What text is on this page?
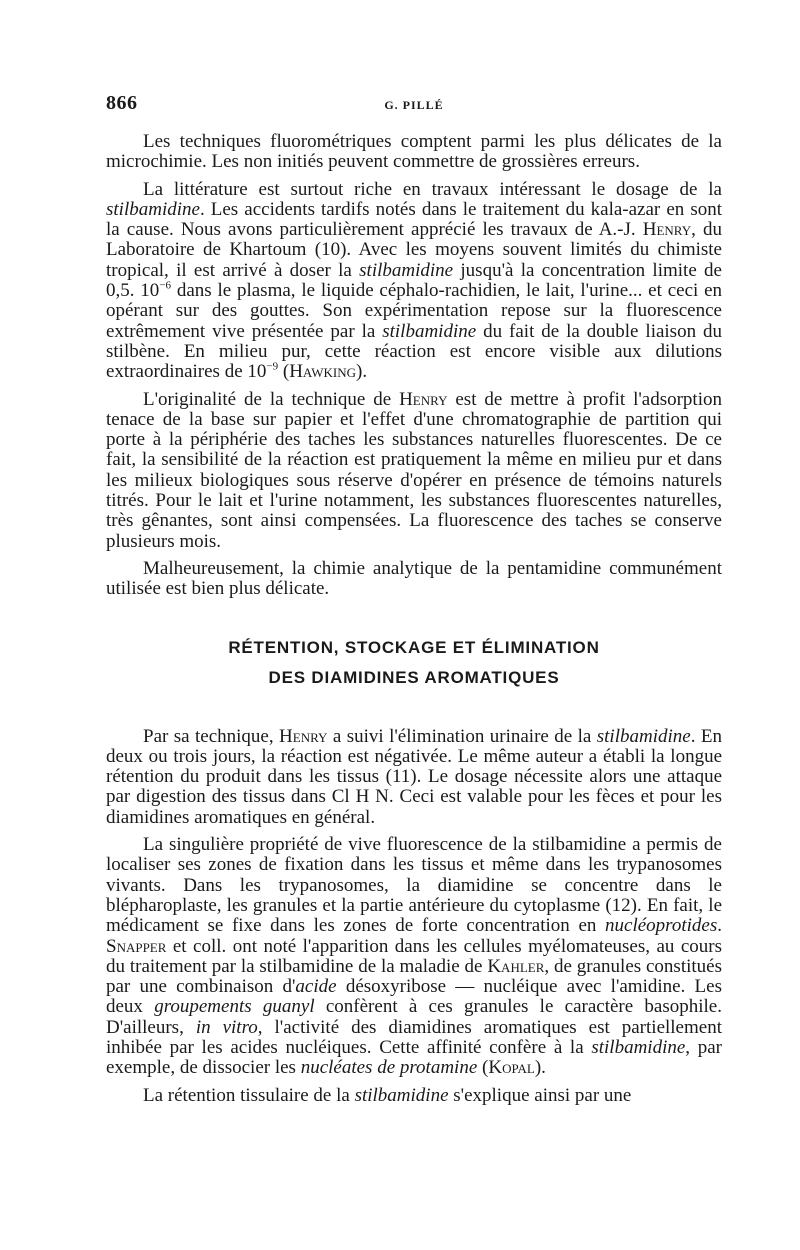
866	G. PILLÉ

Les techniques fluorométriques comptent parmi les plus délicates de la microchimie. Les non initiés peuvent commettre de grossières erreurs.

La littérature est surtout riche en travaux intéressant le dosage de la stilbamidine. Les accidents tardifs notés dans le traitement du kala-azar en sont la cause. Nous avons particulièrement apprécié les travaux de A.-J. Henry, du Laboratoire de Khartoum (10). Avec les moyens souvent limités du chimiste tropical, il est arrivé à doser la stilbamidine jusqu'à la concentration limite de 0,5. $10^{-6}$ dans le plasma, le liquide céphalo-rachidien, le lait, l'urine... et ceci en opérant sur des gouttes. Son expérimentation repose sur la fluorescence extrêmement vive présentée par la stilbamidine du fait de la double liaison du stilbène. En milieu pur, cette réaction est encore visible aux dilutions extraordinaires de $10^{-9}$ (Hawking).

L'originalité de la technique de Henry est de mettre à profit l'adsorption tenace de la base sur papier et l'effet d'une chromatographie de partition qui porte à la périphérie des taches les substances naturelles fluorescentes. De ce fait, la sensibilité de la réaction est pratiquement la même en milieu pur et dans les milieux biologiques sous réserve d'opérer en présence de témoins naturels titrés. Pour le lait et l'urine notamment, les substances fluorescentes naturelles, très gênantes, sont ainsi compensées. La fluorescence des taches se conserve plusieurs mois.

Malheureusement, la chimie analytique de la pentamidine communément utilisée est bien plus délicate.

RÉTENTION, STOCKAGE ET ÉLIMINATION
DES DIAMIDINES AROMATIQUES

Par sa technique, Henry a suivi l'élimination urinaire de la stilbamidine. En deux ou trois jours, la réaction est négativée. Le même auteur a établi la longue rétention du produit dans les tissus (11). Le dosage nécessite alors une attaque par digestion des tissus dans Cl H N. Ceci est valable pour les fèces et pour les diamidines aromatiques en général.

La singulière propriété de vive fluorescence de la stilbamidine a permis de localiser ses zones de fixation dans les tissus et même dans les trypanosomes vivants. Dans les trypanosomes, la diamidine se concentre dans le blépharoplaste, les granules et la partie antérieure du cytoplasme (12). En fait, le médicament se fixe dans les zones de forte concentration en nucléoprotides. Snapper et coll. ont noté l'apparition dans les cellules myélomateuses, au cours du traitement par la stilbamidine de la maladie de Kahler, de granules constitués par une combinaison d'acide désoxyribose — nucléique avec l'amidine. Les deux groupements guanyl confèrent à ces granules le caractère basophile. D'ailleurs, in vitro, l'activité des diamidines aromatiques est partiellement inhibée par les acides nucléiques. Cette affinité confère à la stilbamidine, par exemple, de dissocier les nucléates de protamine (Kopal).

La rétention tissulaire de la stilbamidine s'explique ainsi par une
